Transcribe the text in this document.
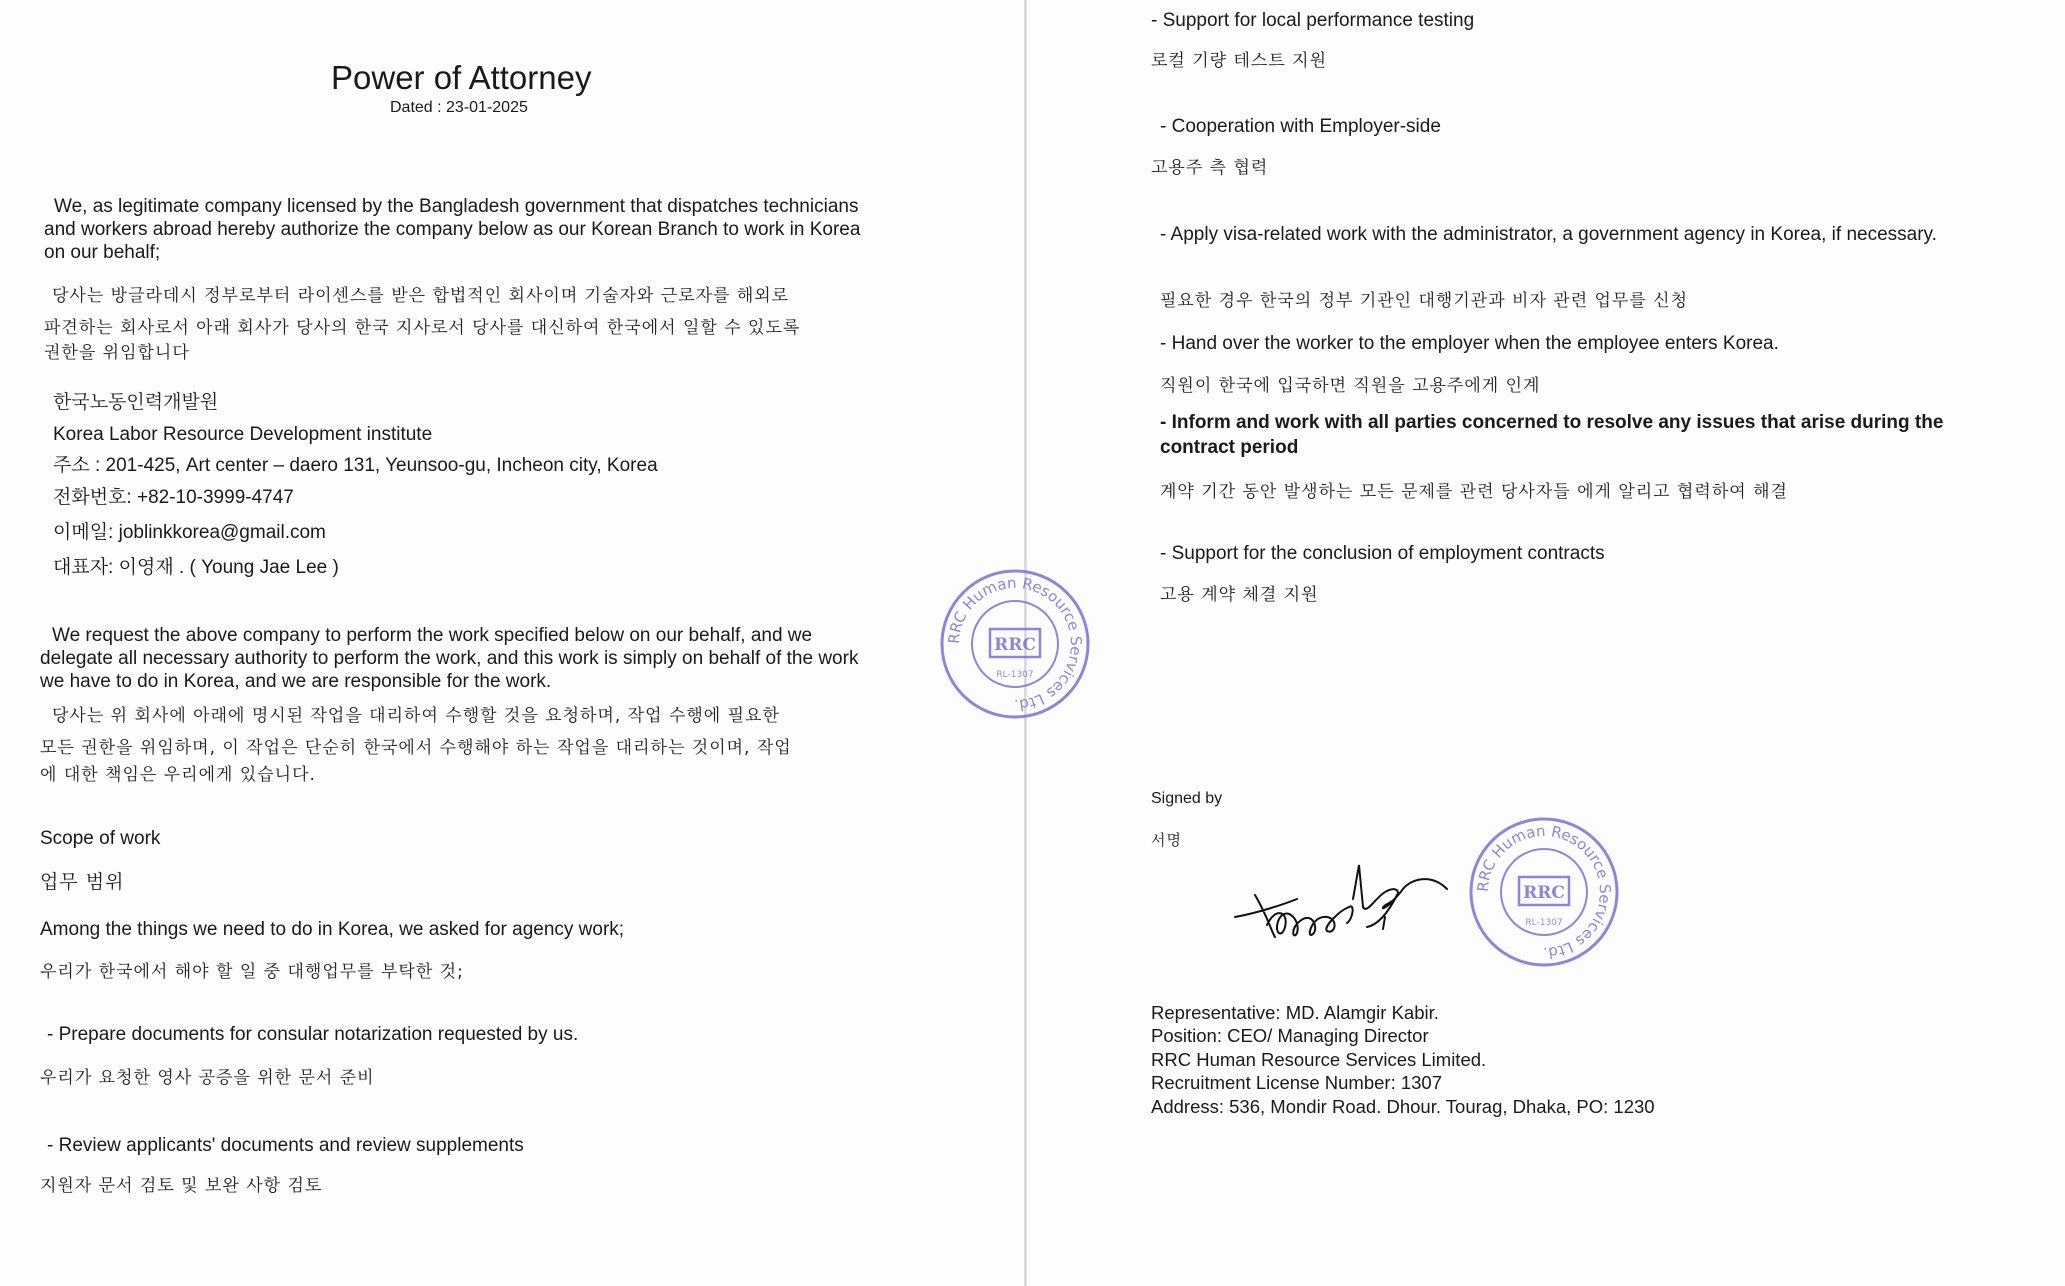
Power of Attorney
Dated : 23-01-2025
We, as legitimate company licensed by the Bangladesh government that dispatches technicians and workers abroad hereby authorize the company below as our Korean Branch to work in Korea on our behalf;
당사는 방글라데시 정부로부터 라이센스를 받은 합법적인 회사이며 기술자와 근로자를 해외로
파견하는 회사로서 아래 회사가 당사의 한국 지사로서 당사를 대신하여 한국에서 일할 수 있도록
권한을 위임합니다
한국노동인력개발원
Korea Labor Resource Development institute
주소 : 201-425, Art center – daero 131, Yeunsoo-gu, Incheon city, Korea
전화번호: +82-10-3999-4747
이메일: joblinkkorea@gmail.com
대표자: 이영재 . ( Young Jae Lee )
We request the above company to perform the work specified below on our behalf, and we delegate all necessary authority to perform the work, and this work is simply on behalf of the work we have to do in Korea, and we are responsible for the work.
당사는 위 회사에 아래에 명시된 작업을 대리하여 수행할 것을 요청하며, 작업 수행에 필요한
모든 권한을 위임하며, 이 작업은 단순히 한국에서 수행해야 하는 작업을 대리하는 것이며, 작업
에 대한 책임은 우리에게 있습니다.
Scope of work
업무 범위
Among the things we need to do in Korea, we asked for agency work;
우리가 한국에서 해야 할 일 중 대행업무를 부탁한 것;
- Prepare documents for consular notarization requested by us.
우리가 요청한 영사 공증을 위한 문서 준비
- Review applicants' documents and review supplements
지원자 문서 검토 및 보완 사항 검토
- Support for local performance testing
로컬 기량 테스트 지원
- Cooperation with Employer-side
고용주 측 협력
- Apply visa-related work with the administrator, a government agency in Korea, if necessary.
필요한 경우 한국의 정부 기관인 대행기관과 비자 관련 업무를 신청
- Hand over the worker to the employer when the employee enters Korea.
직원이 한국에 입국하면 직원을 고용주에게 인계
- Inform and work with all parties concerned to resolve any issues that arise during the contract period
계약 기간 동안 발생하는 모든 문제를 관련 당사자들 에게 알리고 협력하여 해결
- Support for the conclusion of employment contracts
고용 계약 체결 지원
Signed by
서명
Representative: MD. Alamgir Kabir.
Position: CEO/ Managing Director
RRC Human Resource Services Limited.
Recruitment License Number: 1307
Address: 536, Mondir Road. Dhour. Tourag, Dhaka, PO: 1230
RRC Human Resource Services Ltd.
RRC
RL-1307
RRC Human Resource Services Ltd.
RRC
RL-1307
